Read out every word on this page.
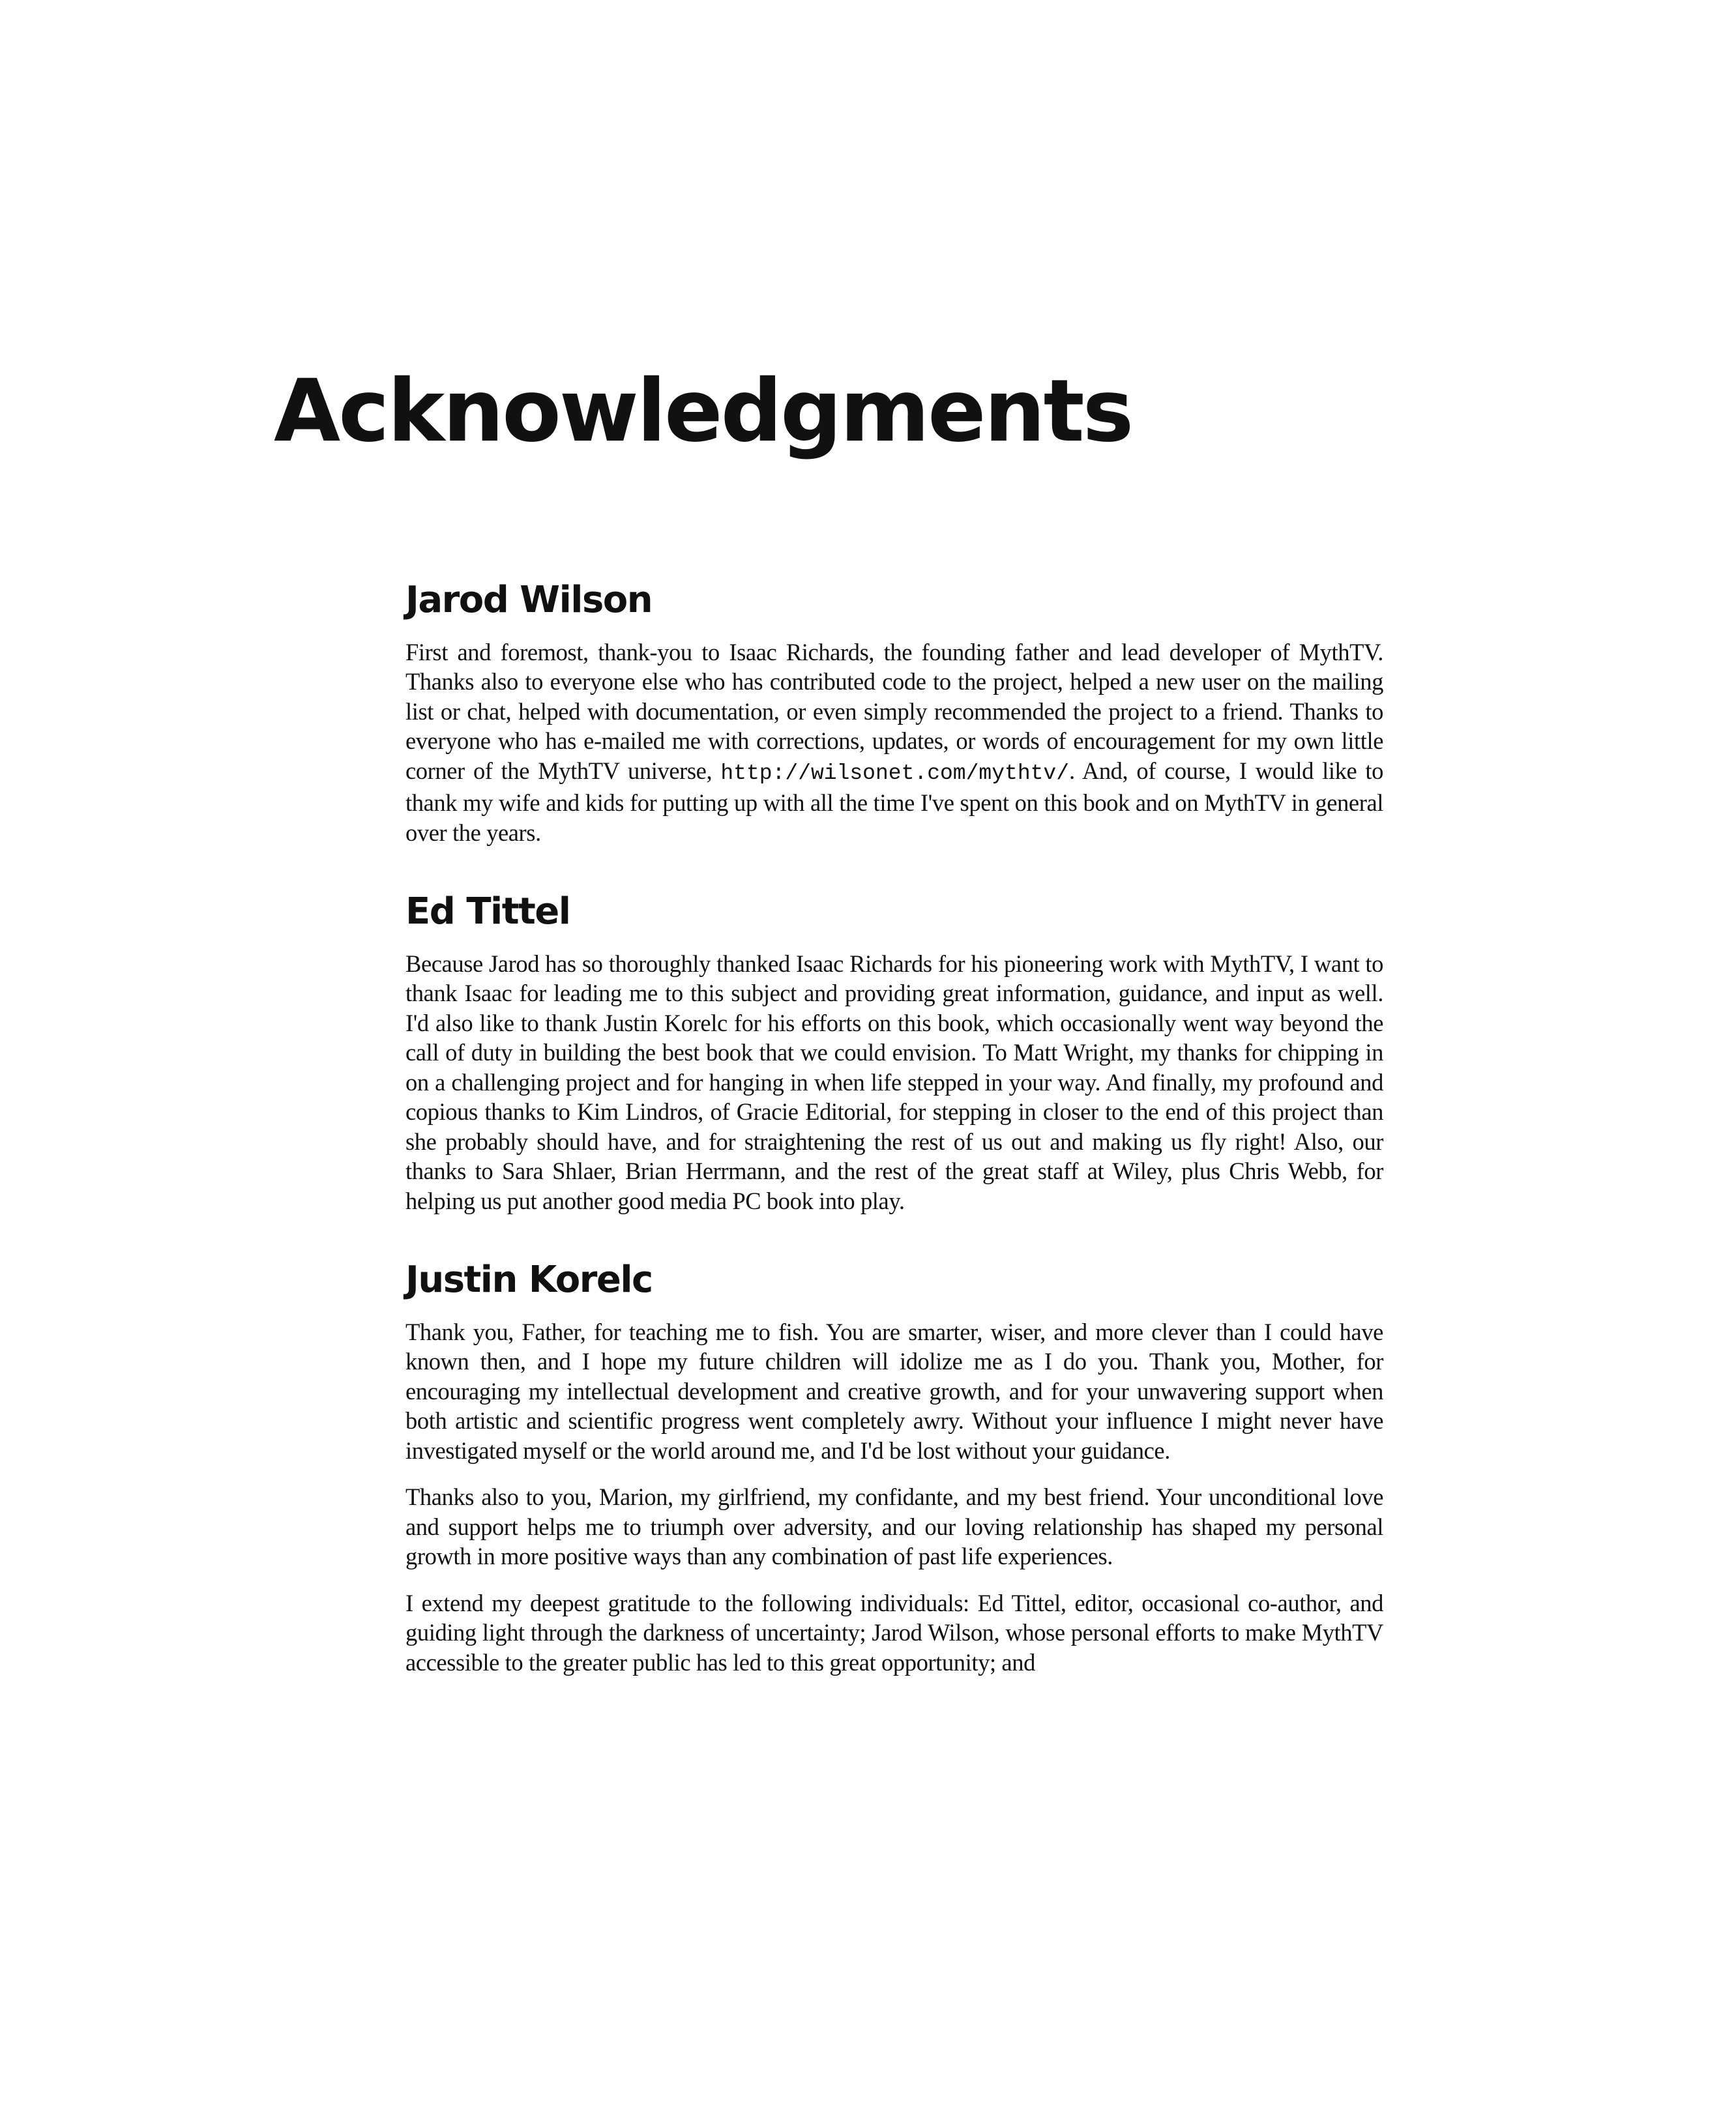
Acknowledgments
Jarod Wilson

First and foremost, thank-you to Isaac Richards, the founding father and lead developer of MythTV. Thanks also to everyone else who has contributed code to the project, helped a new user on the mailing list or chat, helped with documentation, or even simply recommended the project to a friend. Thanks to everyone who has e-mailed me with corrections, updates, or words of encouragement for my own little corner of the MythTV universe, http://wilsonet.com/mythtv/. And, of course, I would like to thank my wife and kids for putting up with all the time I've spent on this book and on MythTV in general over the years.

Ed Tittel

Because Jarod has so thoroughly thanked Isaac Richards for his pioneering work with MythTV, I want to thank Isaac for leading me to this subject and providing great information, guidance, and input as well. I'd also like to thank Justin Korelc for his efforts on this book, which occasionally went way beyond the call of duty in building the best book that we could envision. To Matt Wright, my thanks for chipping in on a challenging project and for hanging in when life stepped in your way. And finally, my profound and copious thanks to Kim Lindros, of Gracie Editorial, for stepping in closer to the end of this project than she probably should have, and for straightening the rest of us out and making us fly right! Also, our thanks to Sara Shlaer, Brian Herrmann, and the rest of the great staff at Wiley, plus Chris Webb, for helping us put another good media PC book into play.

Justin Korelc

Thank you, Father, for teaching me to fish. You are smarter, wiser, and more clever than I could have known then, and I hope my future children will idolize me as I do you. Thank you, Mother, for encouraging my intellectual development and creative growth, and for your unwavering support when both artistic and scientific progress went completely awry. Without your influence I might never have investigated myself or the world around me, and I'd be lost without your guidance.

Thanks also to you, Marion, my girlfriend, my confidante, and my best friend. Your unconditional love and support helps me to triumph over adversity, and our loving relationship has shaped my personal growth in more positive ways than any combination of past life experiences.

I extend my deepest gratitude to the following individuals: Ed Tittel, editor, occasional co-author, and guiding light through the darkness of uncertainty; Jarod Wilson, whose personal efforts to make MythTV accessible to the greater public has led to this great opportunity; and
